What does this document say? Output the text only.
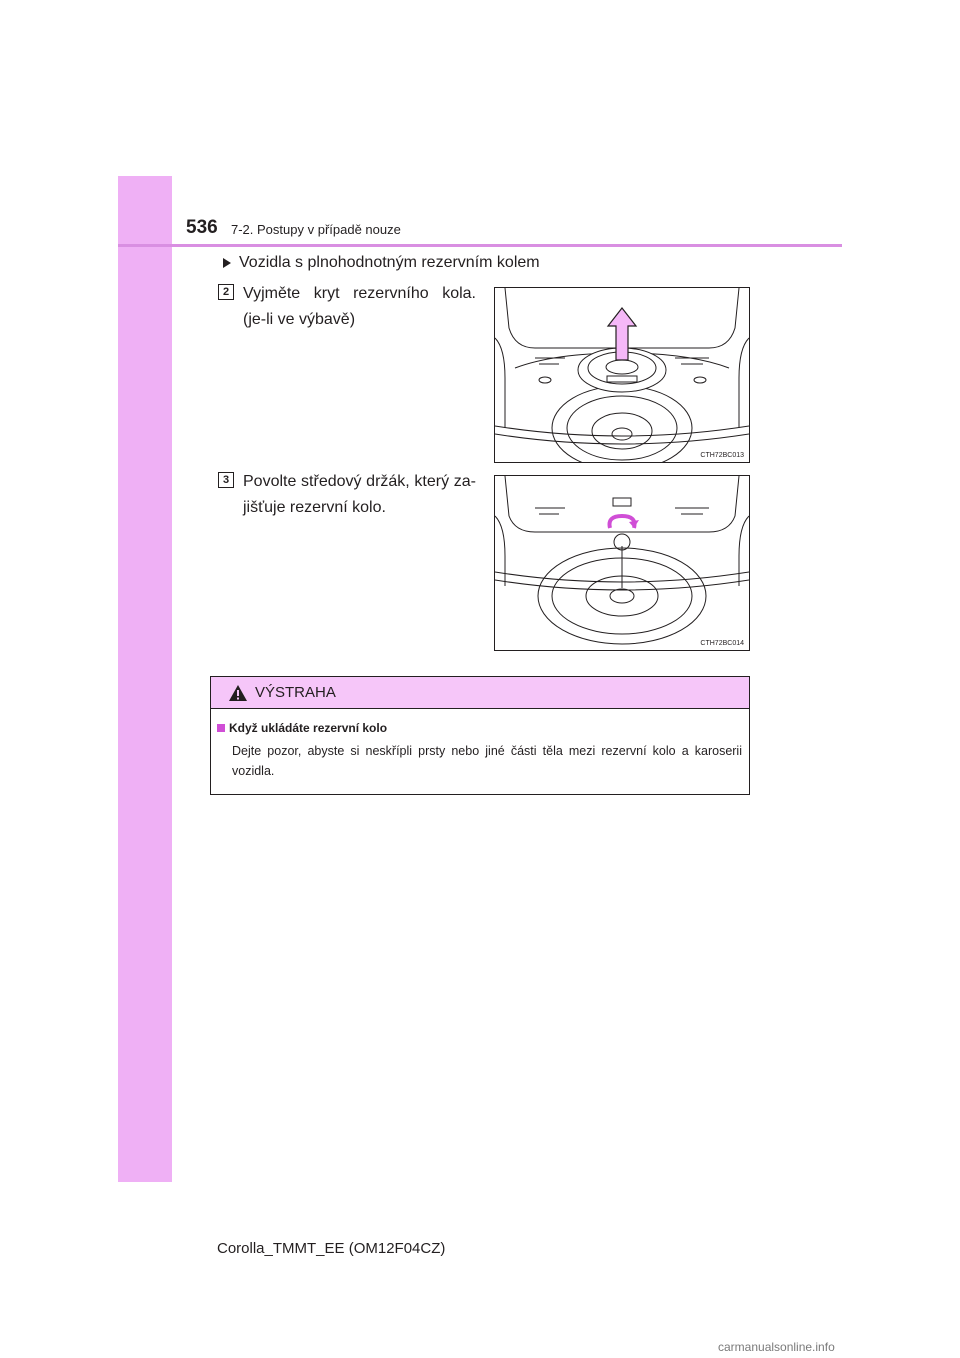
536 7-2. Postupy v případě nouze
Vozidla s plnohodnotným rezervním kolem
2 Vyjměte kryt rezervního kola. (je-li ve výbavě)
CTH72BC013
3 Povolte středový držák, který za-jišťuje rezervní kolo.
CTH72BC014
VÝSTRAHA
Když ukládáte rezervní kolo
Dejte pozor, abyste si neskřípli prsty nebo jiné části těla mezi rezervní kolo a karoserii vozidla.
Corolla_TMMT_EE (OM12F04CZ)
carmanualsonline.info
